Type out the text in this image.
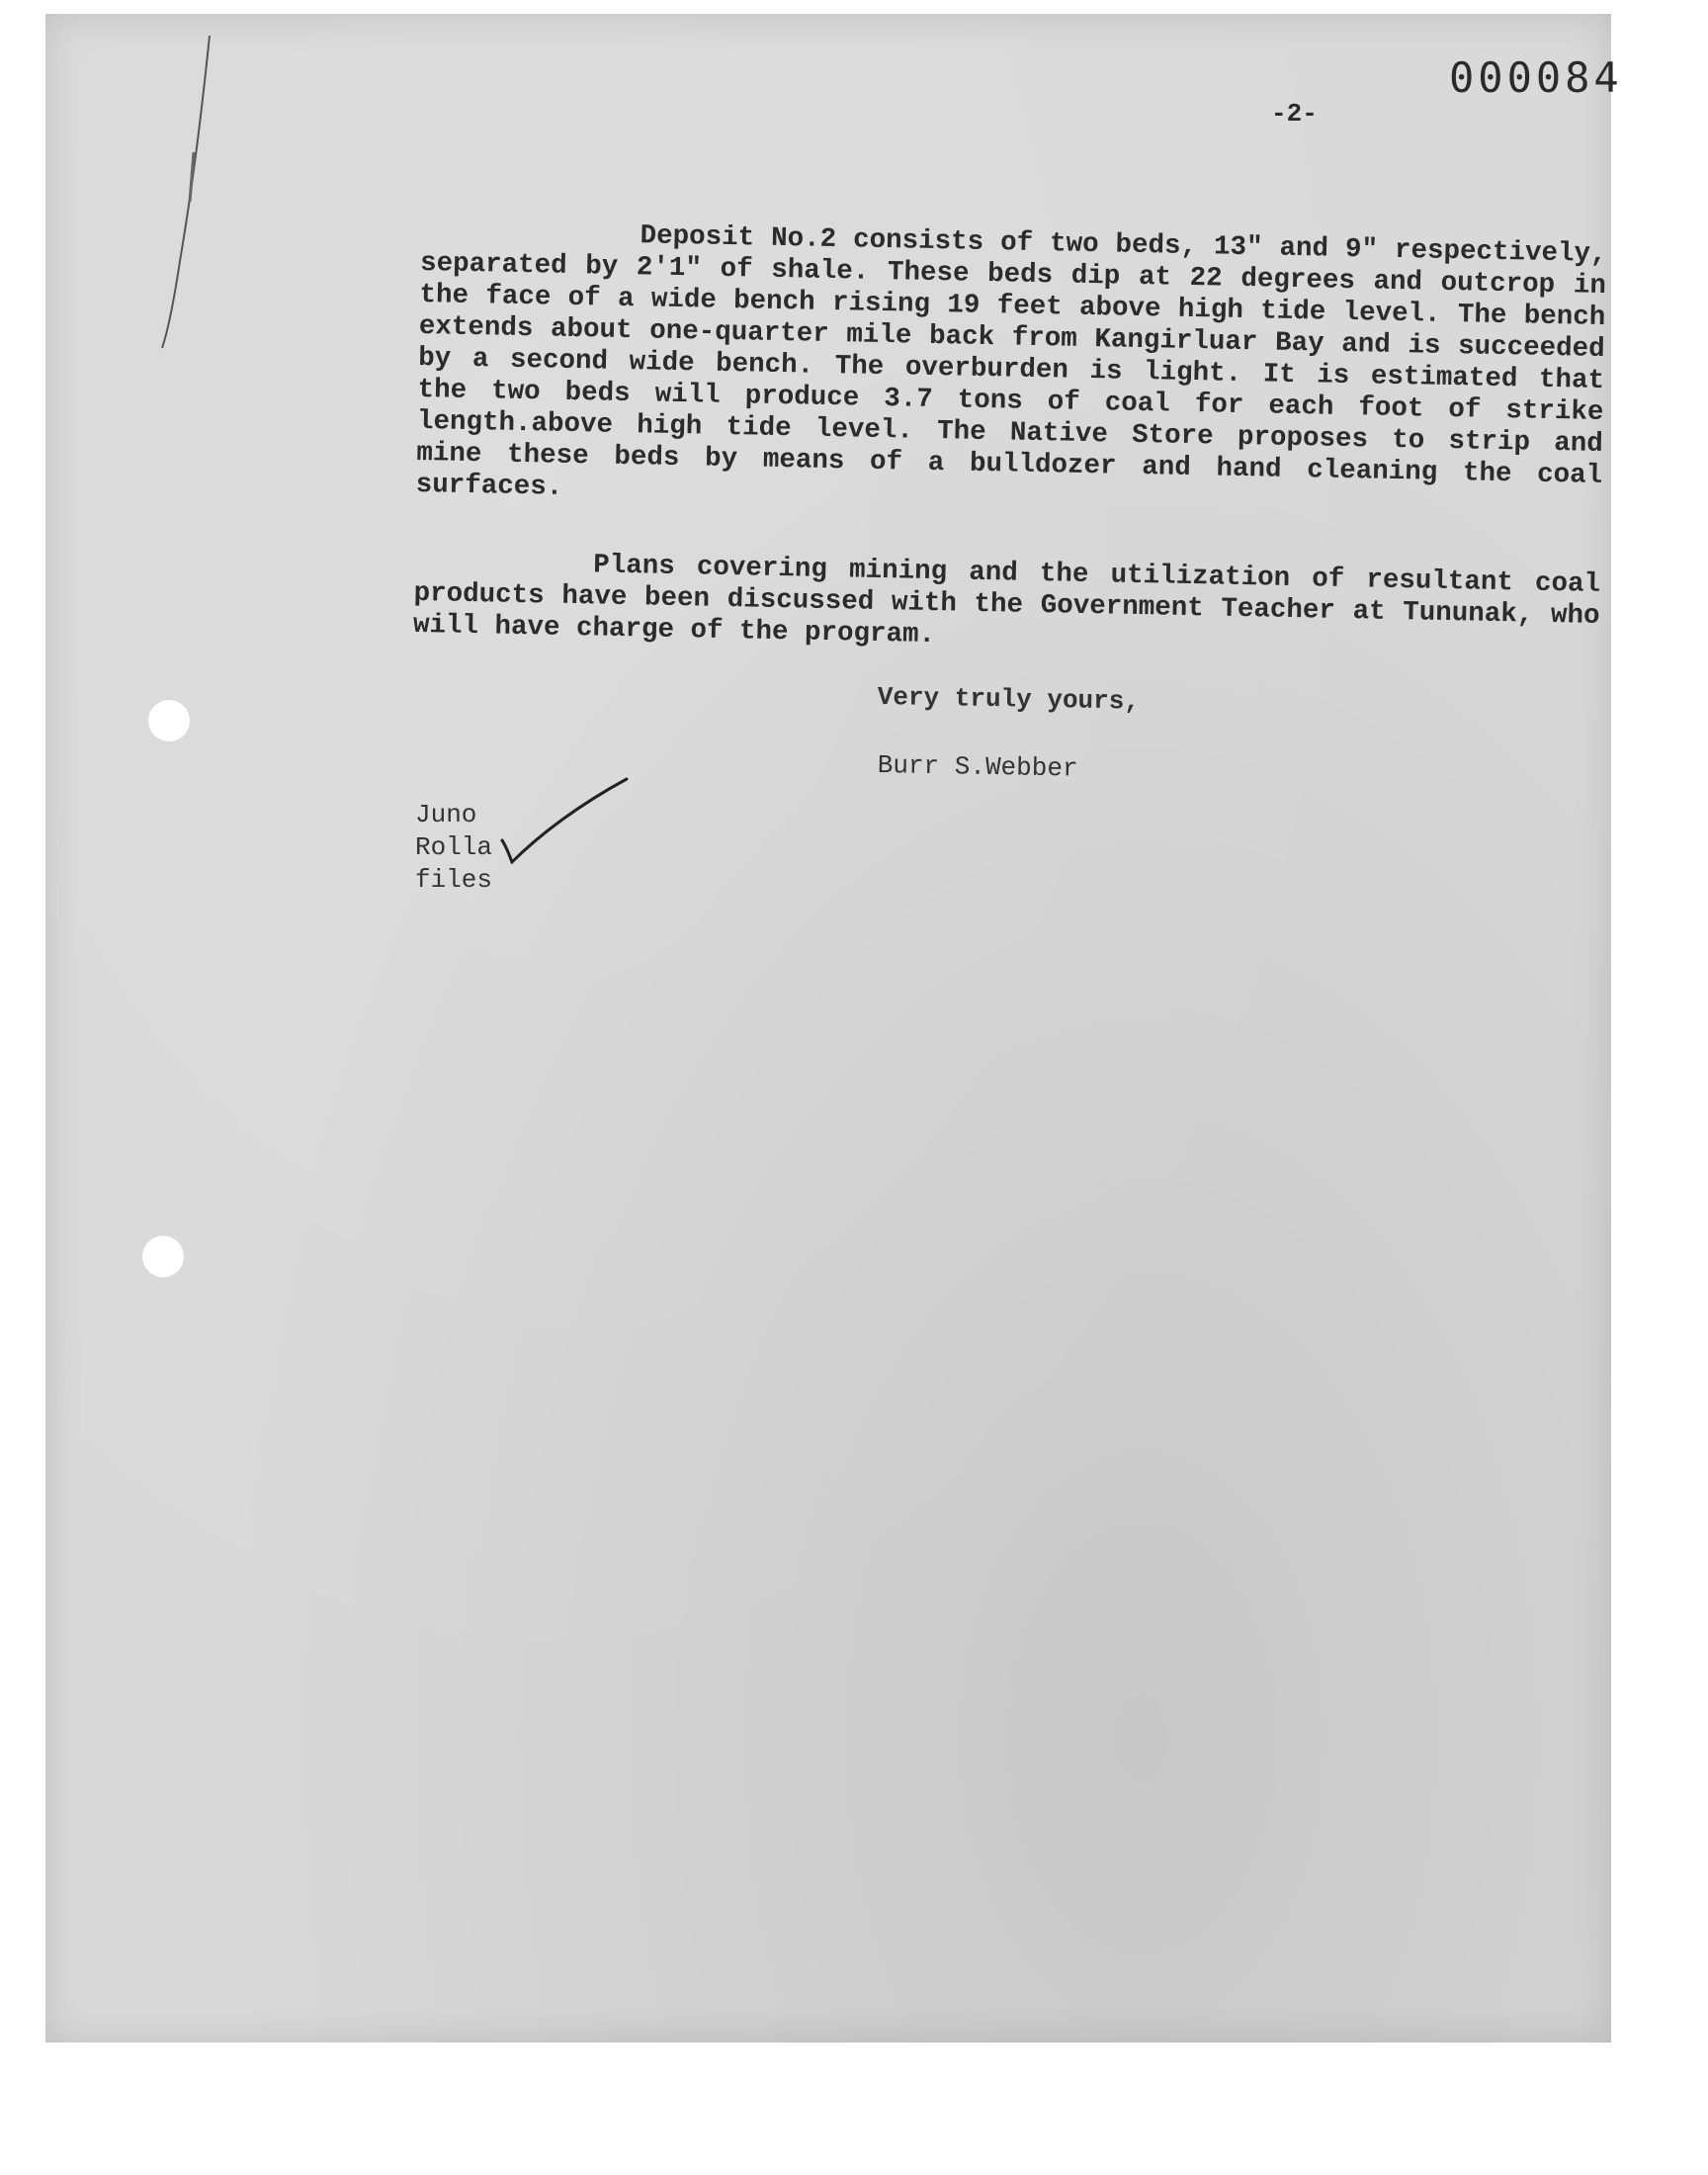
000084
-2-

Deposit No.2 consists of two beds, 13" and 9" respectively, separated by 2'1" of shale. These beds dip at 22 degrees and outcrop in the face of a wide bench rising 19 feet above high tide level. The bench extends about one-quarter mile back from Kangirluar Bay and is succeeded by a second wide bench. The overburden is light. It is estimated that the two beds will produce 3.7 tons of coal for each foot of strike length.above high tide level. The Native Store proposes to strip and mine these beds by means of a bulldozer and hand cleaning the coal surfaces.

Plans covering mining and the utilization of resultant coal products have been discussed with the Government Teacher at Tununak, who will have charge of the program.

Very truly yours,
Burr S.Webber
Juno
Rolla
files
